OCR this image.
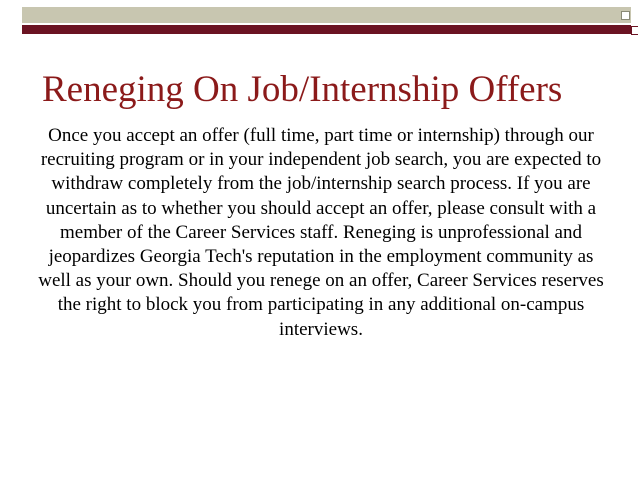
Reneging On Job/Internship Offers
Once you accept an offer (full time, part time or internship) through our recruiting program or in your independent job search, you are expected to withdraw completely from the job/internship search process. If you are uncertain as to whether you should accept an offer, please consult with a member of the Career Services staff. Reneging is unprofessional and jeopardizes Georgia Tech's reputation in the employment community as well as your own. Should you renege on an offer, Career Services reserves the right to block you from participating in any additional on-campus interviews.
